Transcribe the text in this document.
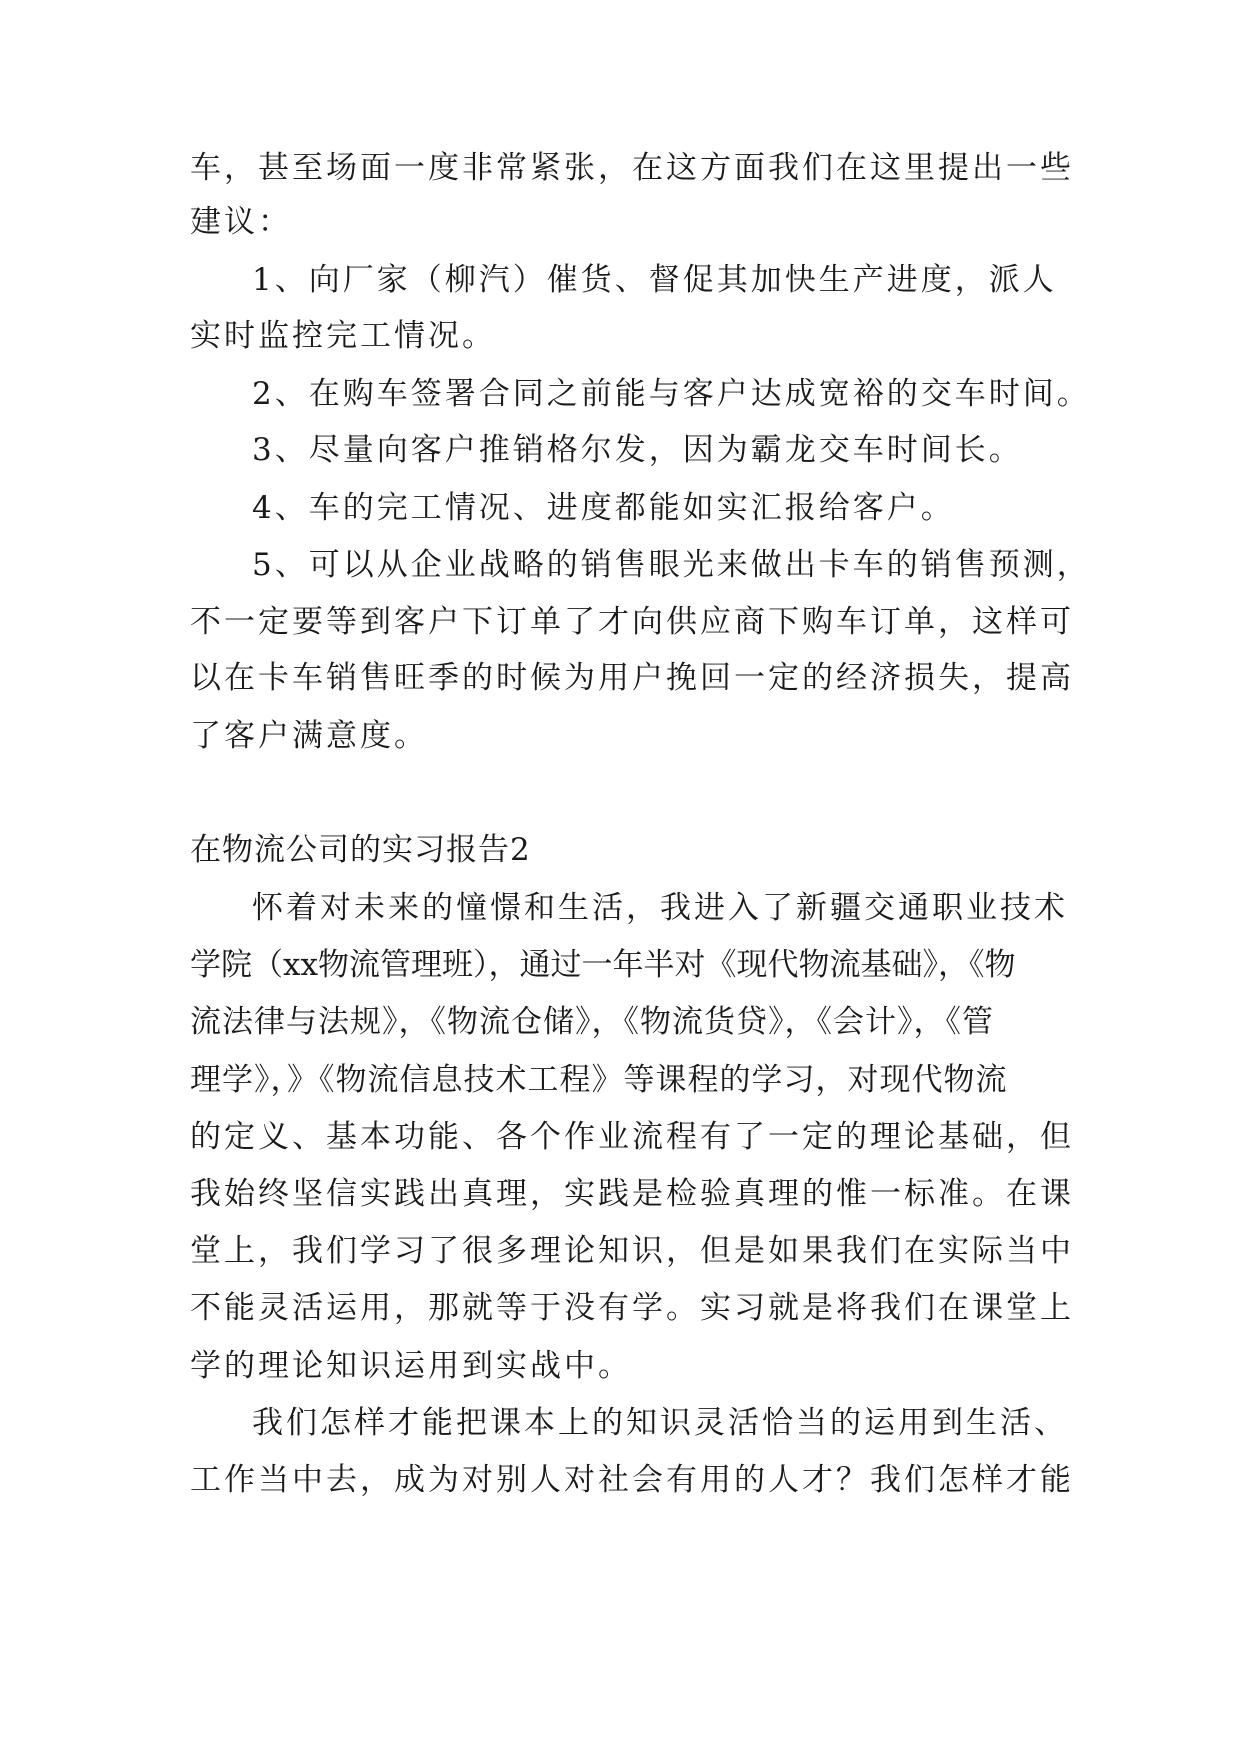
车，甚至场面一度非常紧张，在这方面我们在这里提出一些
建议：
1、向厂家（柳汽）催货、督促其加快生产进度，派人
实时监控完工情况。
2、在购车签署合同之前能与客户达成宽裕的交车时间。
3、尽量向客户推销格尔发，因为霸龙交车时间长。
4、车的完工情况、进度都能如实汇报给客户。
5、可以从企业战略的销售眼光来做出卡车的销售预测，
不一定要等到客户下订单了才向供应商下购车订单，这样可
以在卡车销售旺季的时候为用户挽回一定的经济损失，提高
了客户满意度。
在物流公司的实习报告2
怀着对未来的憧憬和生活，我进入了新疆交通职业技术
学院（xx物流管理班），通过一年半对《现代物流基础》，《物
流法律与法规》，《物流仓储》，《物流货贷》，《会计》，《管
理学》，》《物流信息技术工程》等课程的学习，对现代物流
的定义、基本功能、各个作业流程有了一定的理论基础，但
我始终坚信实践出真理，实践是检验真理的惟一标准。在课
堂上，我们学习了很多理论知识，但是如果我们在实际当中
不能灵活运用，那就等于没有学。实习就是将我们在课堂上
学的理论知识运用到实战中。
我们怎样才能把课本上的知识灵活恰当的运用到生活、
工作当中去，成为对别人对社会有用的人才？我们怎样才能
